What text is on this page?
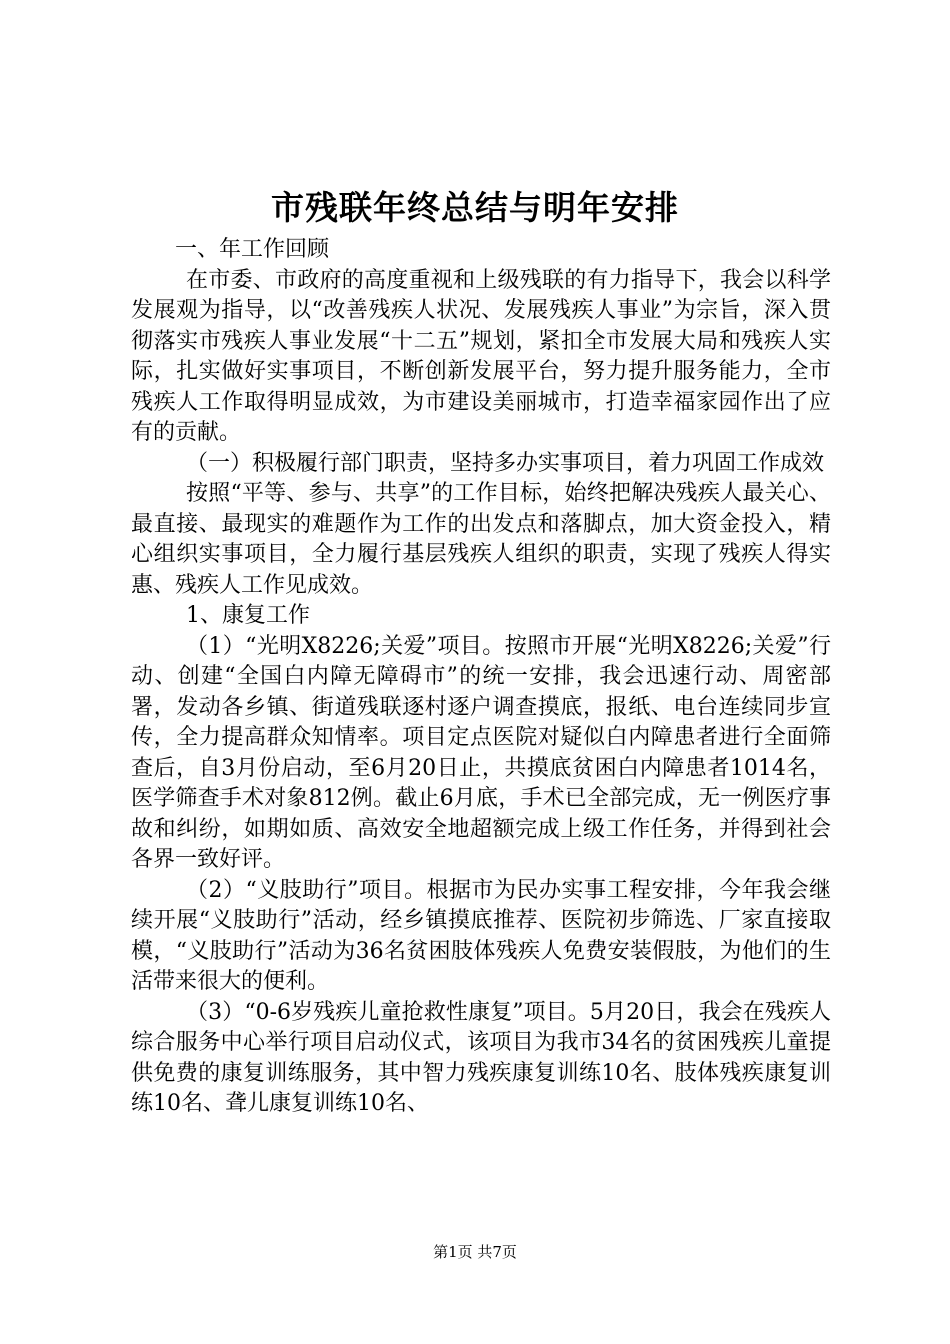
市残联年终总结与明年安排

一、年工作回顾

在市委、市政府的高度重视和上级残联的有力指导下，我会以科学发展观为指导，以“改善残疾人状况、发展残疾人事业”为宗旨，深入贯彻落实市残疾人事业发展“十二五”规划，紧扣全市发展大局和残疾人实际，扎实做好实事项目，不断创新发展平台，努力提升服务能力，全市残疾人工作取得明显成效，为市建设美丽城市，打造幸福家园作出了应有的贡献。

（一）积极履行部门职责，坚持多办实事项目，着力巩固工作成效

按照“平等、参与、共享”的工作目标，始终把解决残疾人最关心、最直接、最现实的难题作为工作的出发点和落脚点，加大资金投入，精心组织实事项目，全力履行基层残疾人组织的职责，实现了残疾人得实惠、残疾人工作见成效。

1、康复工作

（1）“光明X8226;关爱”项目。按照市开展“光明X8226;关爱”行动、创建“全国白内障无障碍市”的统一安排，我会迅速行动、周密部署，发动各乡镇、街道残联逐村逐户调查摸底，报纸、电台连续同步宣传，全力提高群众知情率。项目定点医院对疑似白内障患者进行全面筛查后，自3月份启动，至6月20日止，共摸底贫困白内障患者1014名，医学筛查手术对象812例。截止6月底，手术已全部完成，无一例医疗事故和纠纷，如期如质、高效安全地超额完成上级工作任务，并得到社会各界一致好评。

（2）“义肢助行”项目。根据市为民办实事工程安排，今年我会继续开展“义肢助行”活动，经乡镇摸底推荐、医院初步筛选、厂家直接取模，“义肢助行”活动为36名贫困肢体残疾人免费安装假肢，为他们的生活带来很大的便利。

（3）“0-6岁残疾儿童抢救性康复”项目。5月20日，我会在残疾人综合服务中心举行项目启动仪式，该项目为我市34名的贫困残疾儿童提供免费的康复训练服务，其中智力残疾康复训练10名、肢体残疾康复训练10名、聋儿康复训练10名、

第1页 共7页
